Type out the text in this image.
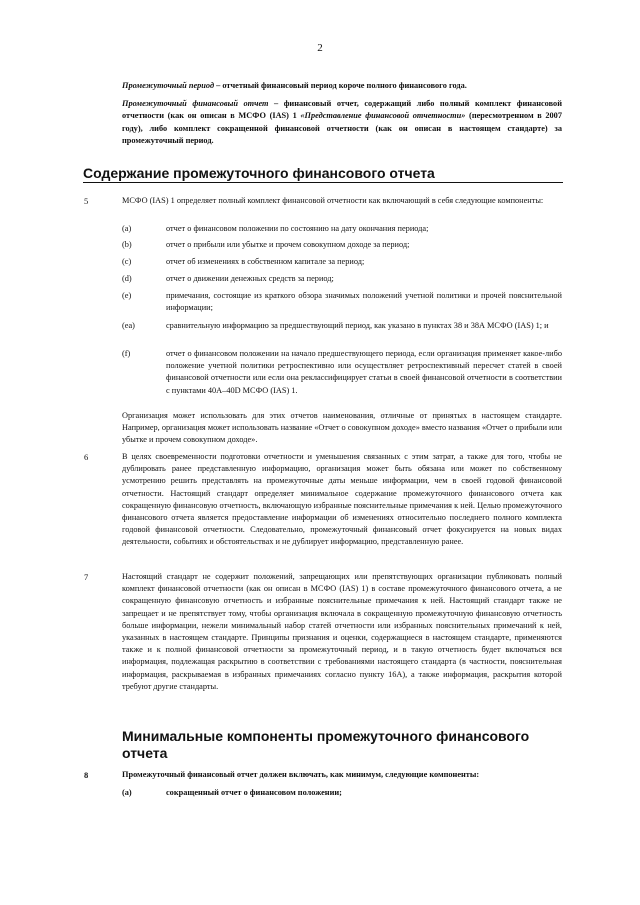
2
Промежуточный период – отчетный финансовый период короче полного финансового года.
Промежуточный финансовый отчет – финансовый отчет, содержащий либо полный комплект финансовой отчетности (как он описан в МСФО (IAS) 1 «Представление финансовой отчетности» (пересмотренном в 2007 году), либо комплект сокращенной финансовой отчетности (как он описан в настоящем стандарте) за промежуточный период.
Содержание промежуточного финансового отчета
5	МСФО (IAS) 1 определяет полный комплект финансовой отчетности как включающий в себя следующие компоненты:
(a)	отчет о финансовом положении по состоянию на дату окончания периода;
(b)	отчет о прибыли или убытке и прочем совокупном доходе за период;
(c)	отчет об изменениях в собственном капитале за период;
(d)	отчет о движении денежных средств за период;
(e)	примечания, состоящие из краткого обзора значимых положений учетной политики и прочей пояснительной информации;
(ea)	сравнительную информацию за предшествующий период, как указано в пунктах 38 и 38А МСФО (IAS) 1; и
(f)	отчет о финансовом положении на начало предшествующего периода, если организация применяет какое-либо положение учетной политики ретроспективно или осуществляет ретроспективный пересчет статей в своей финансовой отчетности или если она реклассифицирует статьи в своей финансовой отчетности в соответствии с пунктами 40А–40D МСФО (IAS) 1.
Организация может использовать для этих отчетов наименования, отличные от принятых в настоящем стандарте. Например, организация может использовать название «Отчет о совокупном доходе» вместо названия «Отчет о прибыли или убытке и прочем совокупном доходе».
6	В целях своевременности подготовки отчетности и уменьшения связанных с этим затрат, а также для того, чтобы не дублировать ранее представленную информацию, организация может быть обязана или может по собственному усмотрению решить представлять на промежуточные даты меньше информации, чем в своей годовой финансовой отчетности. Настоящий стандарт определяет минимальное содержание промежуточного финансового отчета как сокращенную финансовую отчетность, включающую избранные пояснительные примечания к ней. Целью промежуточного финансового отчета является предоставление информации об изменениях относительно последнего полного комплекта годовой финансовой отчетности. Следовательно, промежуточный финансовый отчет фокусируется на новых видах деятельности, событиях и обстоятельствах и не дублирует информацию, представленную ранее.
7	Настоящий стандарт не содержит положений, запрещающих или препятствующих организации публиковать полный комплект финансовой отчетности (как он описан в МСФО (IAS) 1) в составе промежуточного финансового отчета, а не сокращенную финансовую отчетность и избранные пояснительные примечания к ней. Настоящий стандарт также не запрещает и не препятствует тому, чтобы организация включала в сокращенную промежуточную финансовую отчетность больше информации, нежели минимальный набор статей отчетности или избранных пояснительных примечаний к ней, указанных в настоящем стандарте. Принципы признания и оценки, содержащиеся в настоящем стандарте, применяются также и к полной финансовой отчетности за промежуточный период, и в такую отчетность будет включаться вся информация, подлежащая раскрытию в соответствии с требованиями настоящего стандарта (в частности, пояснительная информация, раскрываемая в избранных примечаниях согласно пункту 16А), а также информация, раскрытия которой требуют другие стандарты.
Минимальные компоненты промежуточного финансового отчета
8	Промежуточный финансовый отчет должен включать, как минимум, следующие компоненты:
(a)	сокращенный отчет о финансовом положении;
